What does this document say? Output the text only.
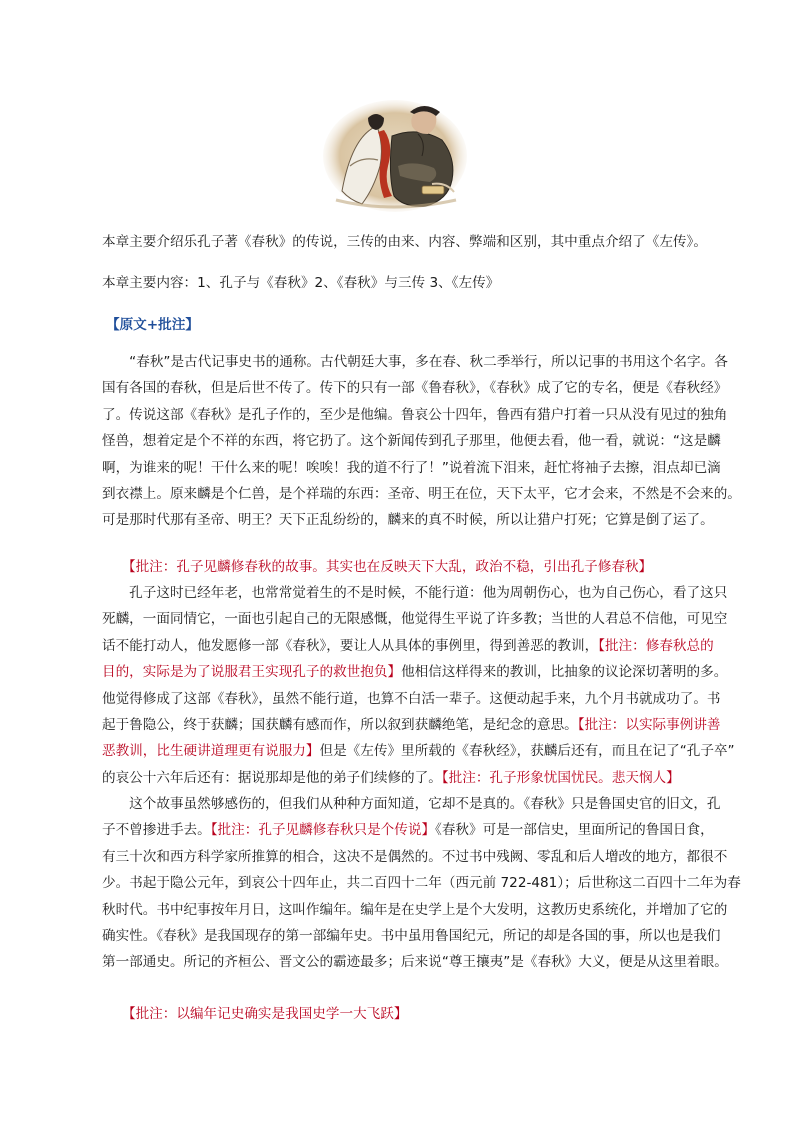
本章主要介绍乐孔子著《春秋》的传说，三传的由来、内容、弊端和区别，其中重点介绍了《左传》。
本章主要内容：1、孔子与《春秋》2、《春秋》与三传 3、《左传》
【原文+批注】
　　“春秋”是古代记事史书的通称。古代朝廷大事，多在春、秋二季举行，所以记事的书用这个名字。各
国有各国的春秋，但是后世不传了。传下的只有一部《鲁春秋》，《春秋》成了它的专名，便是《春秋经》
了。传说这部《春秋》是孔子作的，至少是他编。鲁哀公十四年，鲁西有猎户打着一只从没有见过的独角
怪兽，想着定是个不祥的东西，将它扔了。这个新闻传到孔子那里，他便去看，他一看，就说：“这是麟
啊，为谁来的呢！干什么来的呢！唉唉！我的道不行了！”说着流下泪来，赶忙将袖子去擦，泪点却已滴
到衣襟上。原来麟是个仁兽，是个祥瑞的东西：圣帝、明王在位，天下太平，它才会来，不然是不会来的。
可是那时代那有圣帝、明王？天下正乱纷纷的，麟来的真不时候，所以让猎户打死；它算是倒了运了。
【批注：孔子见麟修春秋的故事。其实也在反映天下大乱，政治不稳，引出孔子修春秋】
　　孔子这时已经年老，也常常觉着生的不是时候，不能行道：他为周朝伤心，也为自己伤心，看了这只
死麟，一面同情它，一面也引起自己的无限感慨，他觉得生平说了许多教；当世的人君总不信他，可见空
话不能打动人，他发愿修一部《春秋》，要让人从具体的事例里，得到善恶的教训，【批注：修春秋总的
目的，实际是为了说服君王实现孔子的救世抱负】他相信这样得来的教训，比抽象的议论深切著明的多。
他觉得修成了这部《春秋》，虽然不能行道，也算不白活一辈子。这便动起手来，九个月书就成功了。书
起于鲁隐公，终于获麟；国获麟有感而作，所以叙到获麟绝笔，是纪念的意思。【批注：以实际事例讲善
恶教训，比生硬讲道理更有说服力】但是《左传》里所载的《春秋经》，获麟后还有，而且在记了“孔子卒”
的哀公十六年后还有：据说那却是他的弟子们续修的了。【批注：孔子形象忧国忧民。悲天悯人】
　　这个故事虽然够感伤的，但我们从种种方面知道，它却不是真的。《春秋》只是鲁国史官的旧文，孔
子不曾掺进手去。【批注：孔子见麟修春秋只是个传说】《春秋》可是一部信史，里面所记的鲁国日食，
有三十次和西方科学家所推算的相合，这决不是偶然的。不过书中残阙、零乱和后人增改的地方，都很不
少。书起于隐公元年，到哀公十四年止，共二百四十二年（西元前 722-481）；后世称这二百四十二年为春
秋时代。书中纪事按年月日，这叫作编年。编年是在史学上是个大发明，这教历史系统化，并增加了它的
确实性。《春秋》是我国现存的第一部编年史。书中虽用鲁国纪元，所记的却是各国的事，所以也是我们
第一部通史。所记的齐桓公、晋文公的霸迹最多；后来说“尊王攘夷”是《春秋》大义，便是从这里着眼。
【批注：以编年记史确实是我国史学一大飞跃】
